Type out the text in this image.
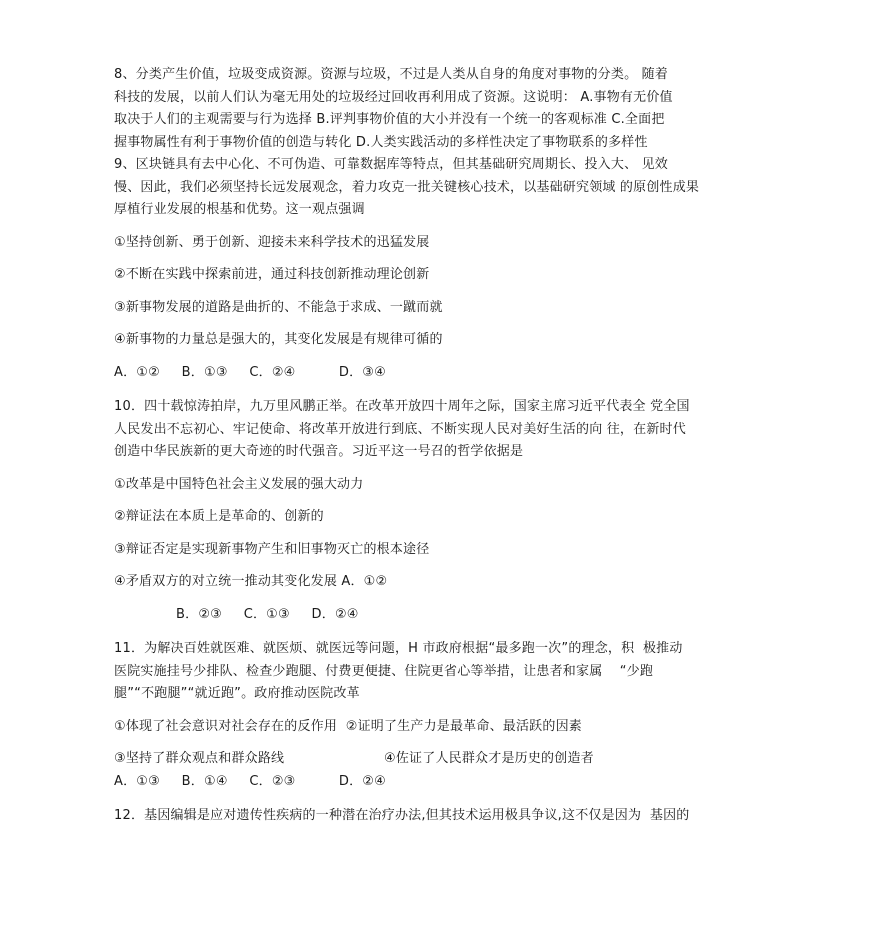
8、分类产生价值，垃圾变成资源。资源与垃圾，不过是人类从自身的角度对事物的分类。 随着
科技的发展，以前人们认为毫无用处的垃圾经过回收再利用成了资源。这说明： A.事物有无价值
取决于人们的主观需要与行为选择 B.评判事物价值的大小并没有一个统一的客观标准 C.全面把
握事物属性有利于事物价值的创造与转化 D.人类实践活动的多样性决定了事物联系的多样性
9、区块链具有去中心化、不可伪造、可靠数据库等特点，但其基础研究周期长、投入大、 见效
慢、因此，我们必须坚持长远发展观念，着力攻克一批关键核心技术，以基础研究领域 的原创性成果
厚植行业发展的根基和优势。这一观点强调
①坚持创新、勇于创新、迎接未来科学技术的迅猛发展
②不断在实践中探索前进，通过科技创新推动理论创新
③新事物发展的道路是曲折的、不能急于求成、一蹴而就
④新事物的力量总是强大的，其变化发展是有规律可循的
A．①②     B．①③     C．②④          D．③④
10．四十载惊涛拍岸，九万里风鹏正举。在改革开放四十周年之际，国家主席习近平代表全 党全国
人民发出不忘初心、牢记使命、将改革开放进行到底、不断实现人民对美好生活的向 往，在新时代
创造中华民族新的更大奇迹的时代强音。习近平这一号召的哲学依据是
①改革是中国特色社会主义发展的强大动力
②辩证法在本质上是革命的、创新的
③辩证否定是实现新事物产生和旧事物灭亡的根本途径
④矛盾双方的对立统一推动其变化发展 A．①②
B．②③     C．①③     D．②④
11．为解决百姓就医难、就医烦、就医远等问题，H 市政府根据“最多跑一次”的理念，积  极推动
医院实施挂号少排队、检查少跑腿、付费更便捷、住院更省心等举措，让患者和家属    “少跑
腿”“不跑腿”“就近跑”。政府推动医院改革
①体现了社会意识对社会存在的反作用  ②证明了生产力是最革命、最活跃的因素
③坚持了群众观点和群众路线	④佐证了人民群众才是历史的创造者
A．①③     B．①④     C．②③          D．②④
12．基因编辑是应对遗传性疾病的一种潜在治疗办法,但其技术运用极具争议,这不仅是因为  基因的
